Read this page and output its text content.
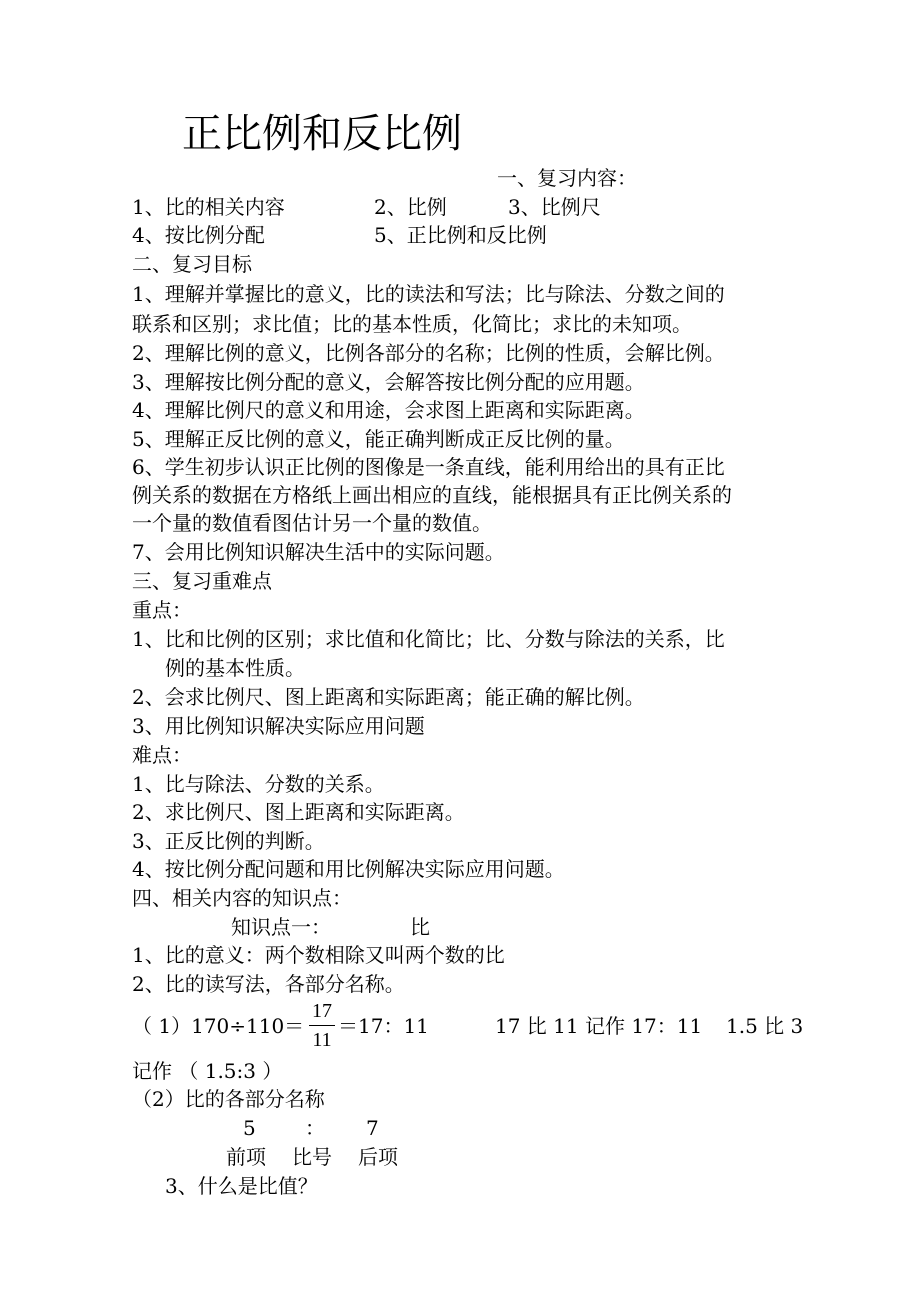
正比例和反比例
一、复习内容：
1、比的相关内容	2、比例	3、比例尺
4、按比例分配	5、正比例和反比例
二、复习目标
1、理解并掌握比的意义，比的读法和写法；比与除法、分数之间的
联系和区别；求比值；比的基本性质，化简比；求比的未知项。
2、理解比例的意义，比例各部分的名称；比例的性质，会解比例。
3、理解按比例分配的意义，会解答按比例分配的应用题。
4、理解比例尺的意义和用途，会求图上距离和实际距离。
5、理解正反比例的意义，能正确判断成正反比例的量。
6、学生初步认识正比例的图像是一条直线，能利用给出的具有正比
例关系的数据在方格纸上画出相应的直线，能根据具有正比例关系的
一个量的数值看图估计另一个量的数值。
7、会用比例知识解决生活中的实际问题。
三、复习重难点
重点：
1、比和比例的区别；求比值和化简比；比、分数与除法的关系，比
例的基本性质。
2、会求比例尺、图上距离和实际距离；能正确的解比例。
3、用比例知识解决实际应用问题
难点：
1、比与除法、分数的关系。
2、求比例尺、图上距离和实际距离。
3、正反比例的判断。
4、按比例分配问题和用比例解决实际应用问题。
四、相关内容的知识点：
知识点一：	比
1、比的意义：两个数相除又叫两个数的比
2、比的读写法，各部分名称。
（ 1）170÷110＝
17
11
＝17：11	17 比 11 记作 17：11 1.5 比 3
记作 （ 1.5:3 ）
（2）比的各部分名称
5 ： 7
前项 比号 后项
3、什么是比值？
